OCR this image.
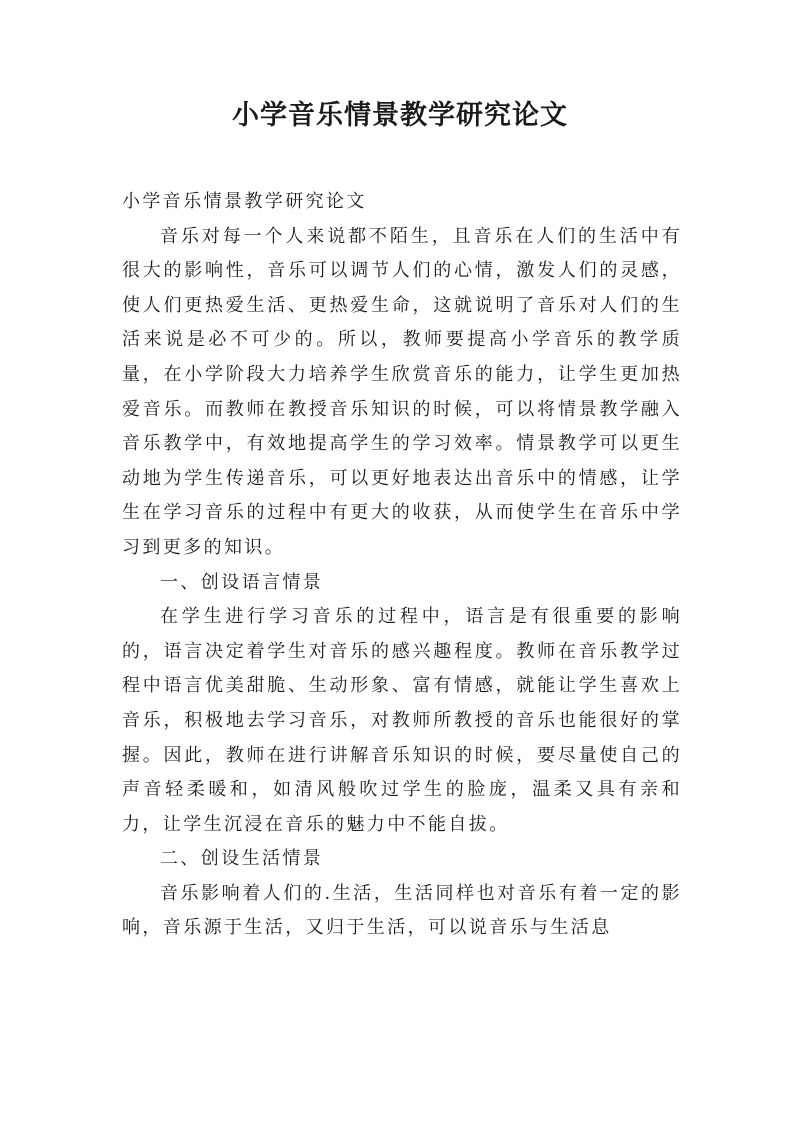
小学音乐情景教学研究论文

小学音乐情景教学研究论文

音乐对每一个人来说都不陌生，且音乐在人们的生活中有很大的影响性，音乐可以调节人们的心情，激发人们的灵感，使人们更热爱生活、更热爱生命，这就说明了音乐对人们的生活来说是必不可少的。所以，教师要提高小学音乐的教学质量，在小学阶段大力培养学生欣赏音乐的能力，让学生更加热爱音乐。而教师在教授音乐知识的时候，可以将情景教学融入音乐教学中，有效地提高学生的学习效率。情景教学可以更生动地为学生传递音乐，可以更好地表达出音乐中的情感，让学生在学习音乐的过程中有更大的收获，从而使学生在音乐中学习到更多的知识。

一、创设语言情景

在学生进行学习音乐的过程中，语言是有很重要的影响的，语言决定着学生对音乐的感兴趣程度。教师在音乐教学过程中语言优美甜脆、生动形象、富有情感，就能让学生喜欢上音乐，积极地去学习音乐，对教师所教授的音乐也能很好的掌握。因此，教师在进行讲解音乐知识的时候，要尽量使自己的声音轻柔暖和，如清风般吹过学生的脸庞，温柔又具有亲和力，让学生沉浸在音乐的魅力中不能自拔。

二、创设生活情景

音乐影响着人们的.生活，生活同样也对音乐有着一定的影响，音乐源于生活，又归于生活，可以说音乐与生活息
